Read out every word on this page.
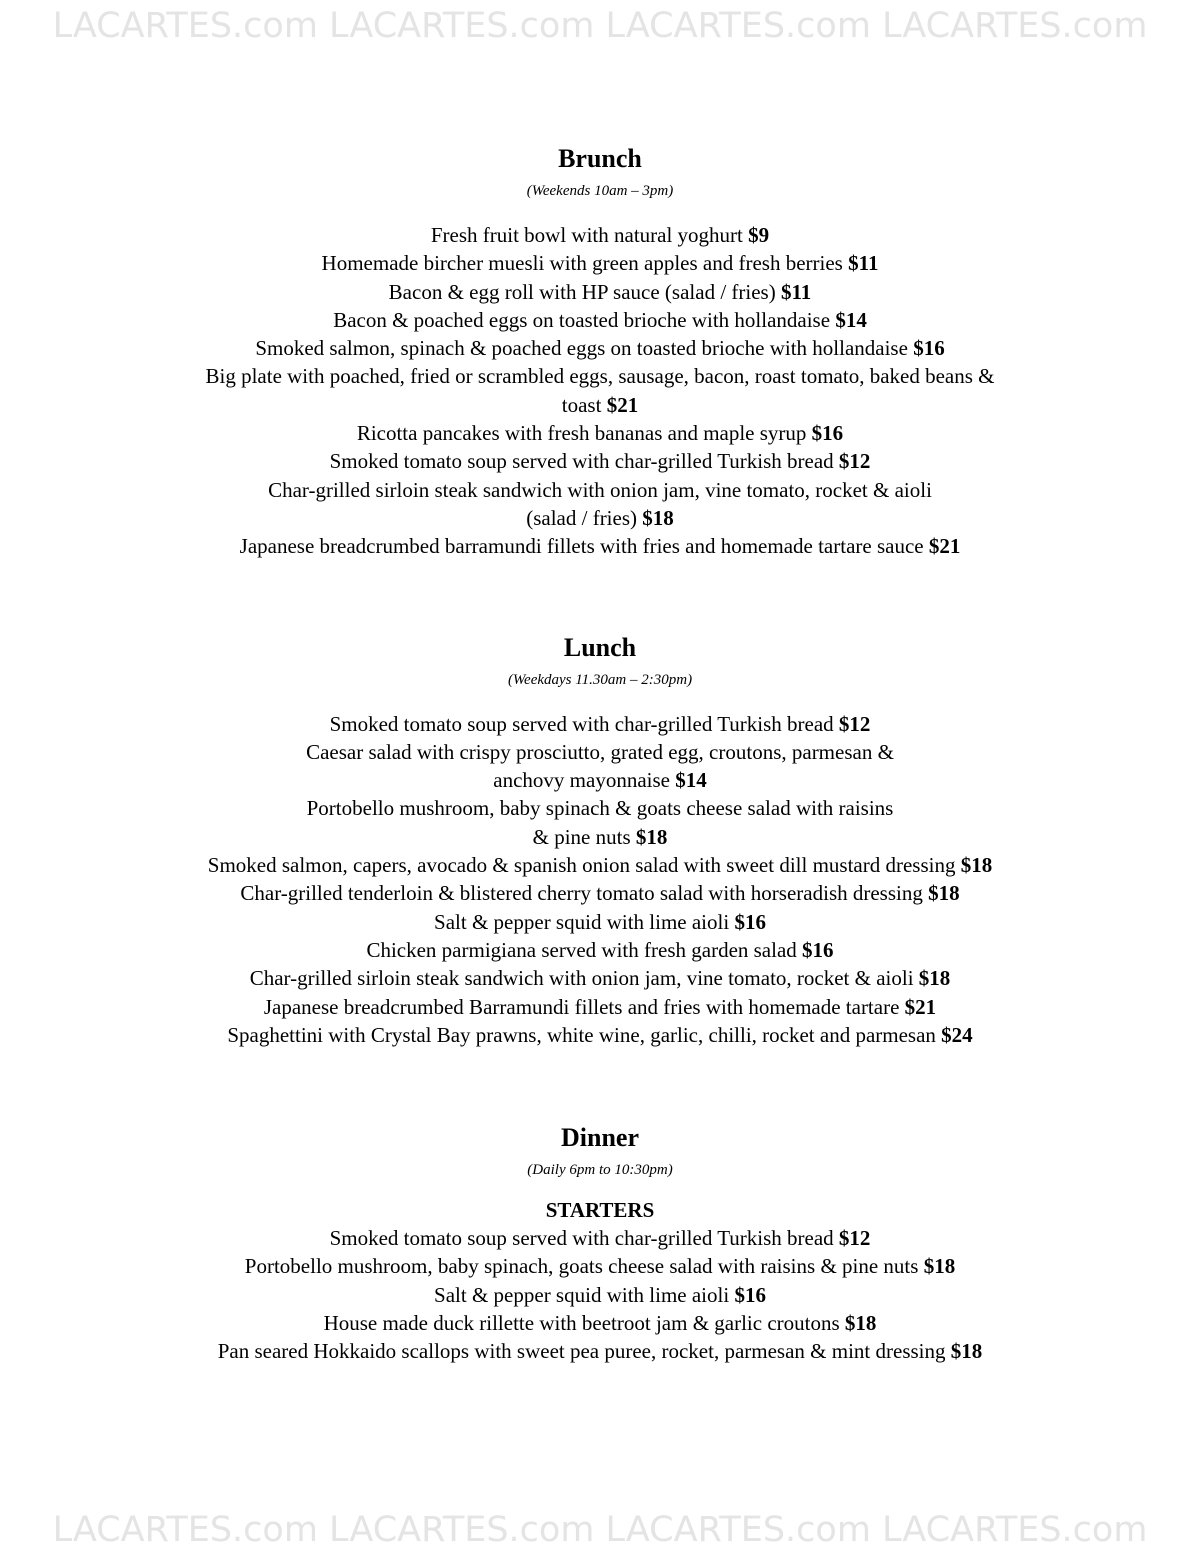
LACARTES.com LACARTES.com LACARTES.com LACARTES.com
Brunch
(Weekends 10am – 3pm)
Fresh fruit bowl with natural yoghurt $9
Homemade bircher muesli with green apples and fresh berries $11
Bacon & egg roll with HP sauce (salad / fries) $11
Bacon & poached eggs on toasted brioche with hollandaise $14
Smoked salmon, spinach & poached eggs on toasted brioche with hollandaise $16
Big plate with poached, fried or scrambled eggs, sausage, bacon, roast tomato, baked beans &
toast $21
Ricotta pancakes with fresh bananas and maple syrup $16
Smoked tomato soup served with char-grilled Turkish bread $12
Char-grilled sirloin steak sandwich with onion jam, vine tomato, rocket & aioli
(salad / fries) $18
Japanese breadcrumbed barramundi fillets with fries and homemade tartare sauce $21
Lunch
(Weekdays 11.30am – 2:30pm)
Smoked tomato soup served with char-grilled Turkish bread $12
Caesar salad with crispy prosciutto, grated egg, croutons, parmesan &
anchovy mayonnaise $14
Portobello mushroom, baby spinach & goats cheese salad with raisins
& pine nuts $18
Smoked salmon, capers, avocado & spanish onion salad with sweet dill mustard dressing $18
Char-grilled tenderloin & blistered cherry tomato salad with horseradish dressing $18
Salt & pepper squid with lime aioli $16
Chicken parmigiana served with fresh garden salad $16
Char-grilled sirloin steak sandwich with onion jam, vine tomato, rocket & aioli $18
Japanese breadcrumbed Barramundi fillets and fries with homemade tartare $21
Spaghettini with Crystal Bay prawns, white wine, garlic, chilli, rocket and parmesan $24
Dinner
(Daily 6pm to 10:30pm)
STARTERS
Smoked tomato soup served with char-grilled Turkish bread $12
Portobello mushroom, baby spinach, goats cheese salad with raisins & pine nuts $18
Salt & pepper squid with lime aioli $16
House made duck rillette with beetroot jam & garlic croutons $18
Pan seared Hokkaido scallops with sweet pea puree, rocket, parmesan & mint dressing $18
LACARTES.com LACARTES.com LACARTES.com LACARTES.com
